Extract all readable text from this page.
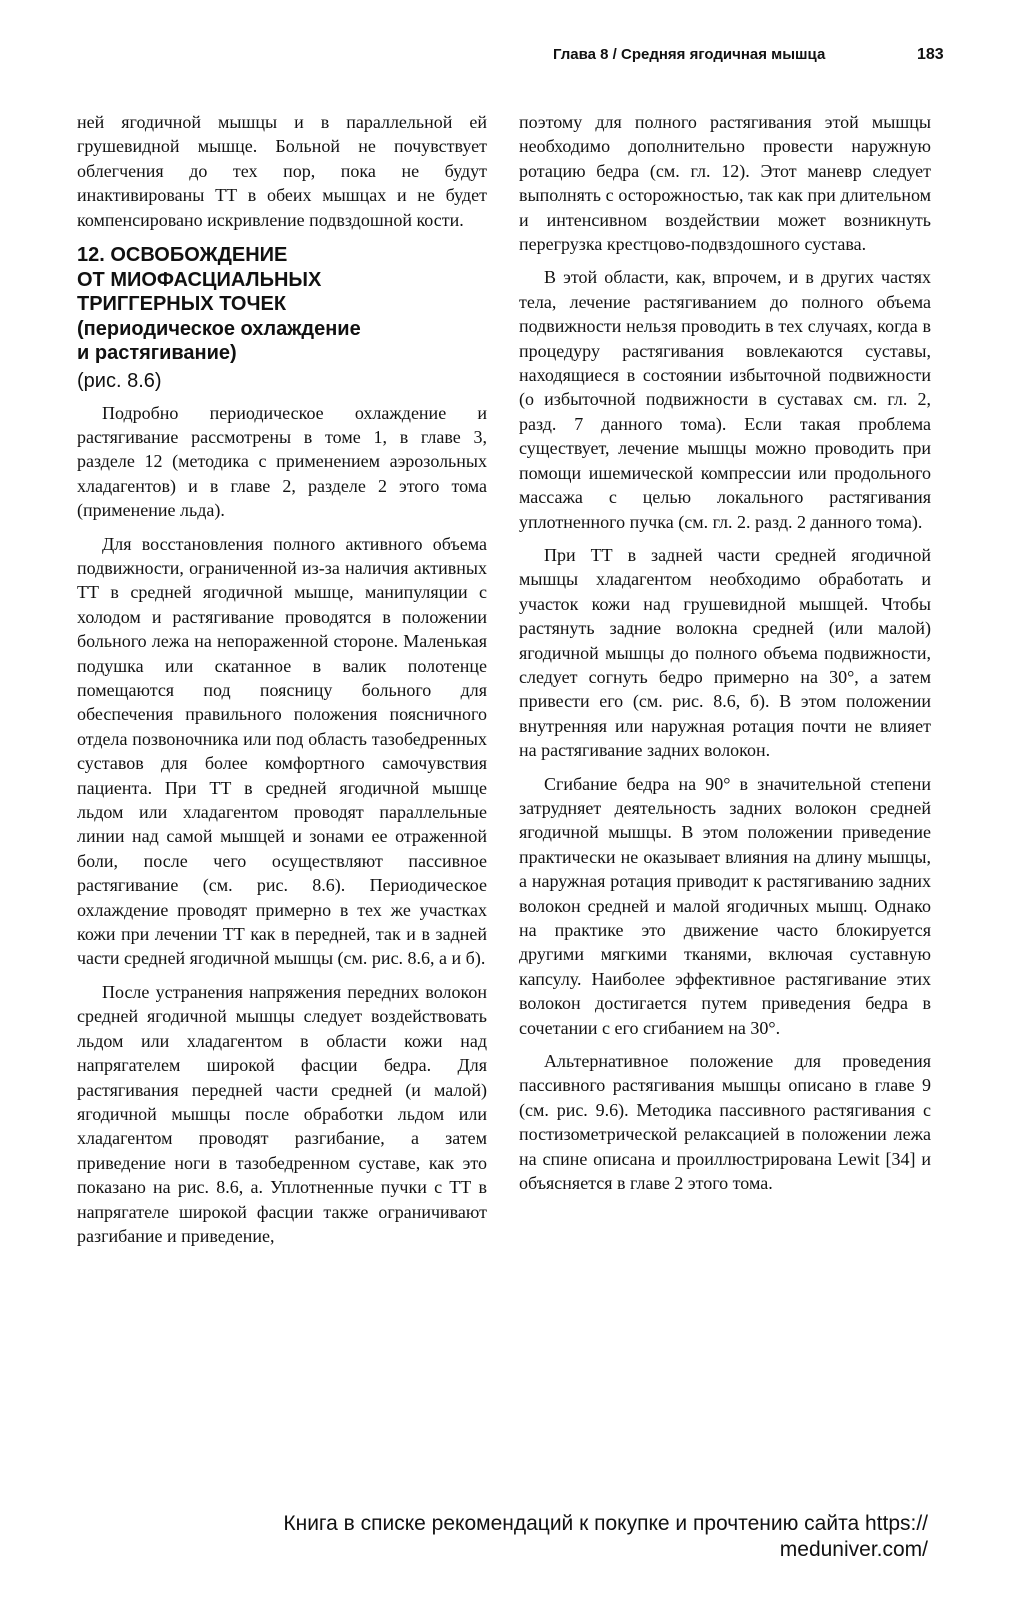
Глава 8 / Средняя ягодичная мышца	183

ней ягодичной мышцы и в параллельной ей грушевидной мышце. Больной не почувствует облегчения до тех пор, пока не будут инактивированы ТТ в обеих мышцах и не будет компенсировано искривление подвздошной кости.

12. ОСВОБОЖДЕНИЕ
ОТ МИОФАСЦИАЛЬНЫХ
ТРИГГЕРНЫХ ТОЧЕК
(периодическое охлаждение
и растягивание)
(рис. 8.6)

Подробно периодическое охлаждение и растягивание рассмотрены в томе 1, в главе 3, разделе 12 (методика с применением аэрозольных хладагентов) и в главе 2, разделе 2 этого тома (применение льда).

Для восстановления полного активного объема подвижности, ограниченной из-за наличия активных ТТ в средней ягодичной мышце, манипуляции с холодом и растягивание проводятся в положении больного лежа на непораженной стороне. Маленькая подушка или скатанное в валик полотенце помещаются под поясницу больного для обеспечения правильного положения поясничного отдела позвоночника или под область тазобедренных суставов для более комфортного самочувствия пациента. При ТТ в средней ягодичной мышце льдом или хладагентом проводят параллельные линии над самой мышцей и зонами ее отраженной боли, после чего осуществляют пассивное растягивание (см. рис. 8.6). Периодическое охлаждение проводят примерно в тех же участках кожи при лечении ТТ как в передней, так и в задней части средней ягодичной мышцы (см. рис. 8.6, а и б).

После устранения напряжения передних волокон средней ягодичной мышцы следует воздействовать льдом или хладагентом в области кожи над напрягателем широкой фасции бедра. Для растягивания передней части средней (и малой) ягодичной мышцы после обработки льдом или хладагентом проводят разгибание, а затем приведение ноги в тазобедренном суставе, как это показано на рис. 8.6, а. Уплотненные пучки с ТТ в напрягателе широкой фасции также ограничивают разгибание и приведение,

поэтому для полного растягивания этой мышцы необходимо дополнительно провести наружную ротацию бедра (см. гл. 12). Этот маневр следует выполнять с осторожностью, так как при длительном и интенсивном воздействии может возникнуть перегрузка крестцово-подвздошного сустава.

В этой области, как, впрочем, и в других частях тела, лечение растягиванием до полного объема подвижности нельзя проводить в тех случаях, когда в процедуру растягивания вовлекаются суставы, находящиеся в состоянии избыточной подвижности (о избыточной подвижности в суставах см. гл. 2, разд. 7 данного тома). Если такая проблема существует, лечение мышцы можно проводить при помощи ишемической компрессии или продольного массажа с целью локального растягивания уплотненного пучка (см. гл. 2. разд. 2 данного тома).

При ТТ в задней части средней ягодичной мышцы хладагентом необходимо обработать и участок кожи над грушевидной мышцей. Чтобы растянуть задние волокна средней (или малой) ягодичной мышцы до полного объема подвижности, следует согнуть бедро примерно на 30°, а затем привести его (см. рис. 8.6, б). В этом положении внутренняя или наружная ротация почти не влияет на растягивание задних волокон.

Сгибание бедра на 90° в значительной степени затрудняет деятельность задних волокон средней ягодичной мышцы. В этом положении приведение практически не оказывает влияния на длину мышцы, а наружная ротация приводит к растягиванию задних волокон средней и малой ягодичных мышц. Однако на практике это движение часто блокируется другими мягкими тканями, включая суставную капсулу. Наиболее эффективное растягивание этих волокон достигается путем приведения бедра в сочетании с его сгибанием на 30°.

Альтернативное положение для проведения пассивного растягивания мышцы описано в главе 9 (см. рис. 9.6). Методика пассивного растягивания с постизометрической релаксацией в положении лежа на спине описана и проиллюстрирована Lewit [34] и объясняется в главе 2 этого тома.

Книга в списке рекомендаций к покупке и прочтению сайта https:// meduniver.com/
